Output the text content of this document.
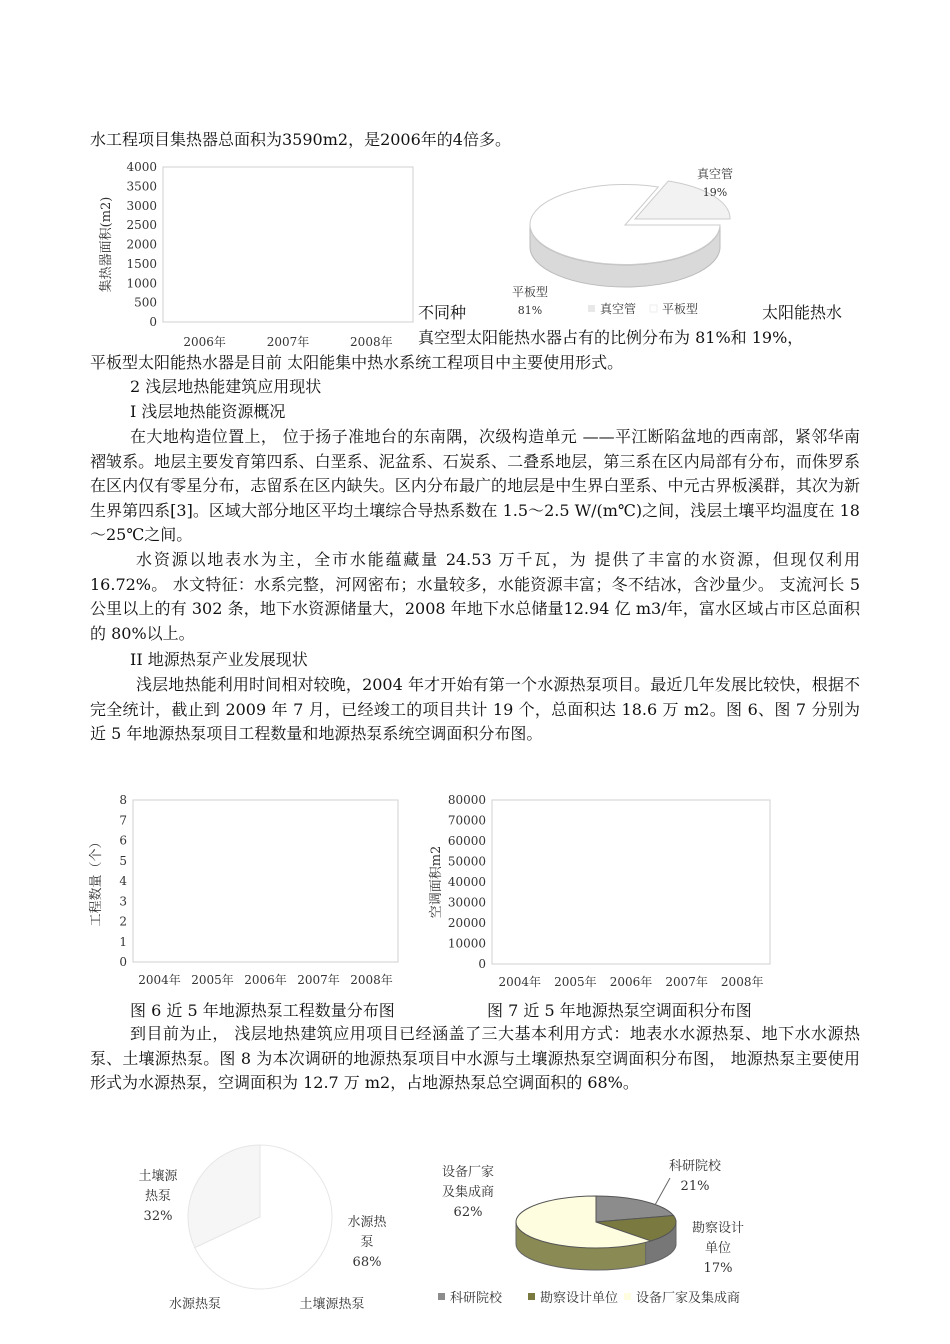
水工程项目集热器总面积为3590m2，是2006年的4倍多。
0
500
1000
1500
2000
2500
3000
3500
4000
2006年	2007年	2008年
集热器面积(m2)
真空管
19%
平板型
81%	真空管 平板型
不同种	太阳能热水
真空型太阳能热水器占有的比例分布为 81%和 19%，
平板型太阳能热水器是目前 太阳能集中热水系统工程项目中主要使用形式。
2 浅层地热能建筑应用现状
I 浅层地热能资源概况
在大地构造位置上， 位于扬子准地台的东南隅，次级构造单元 ——平江断陷盆地的西南部，紧邻华南褶皱系。地层主要发育第四系、白垩系、泥盆系、石炭系、二叠系地层，第三系在区内局部有分布，而侏罗系在区内仅有零星分布，志留系在区内缺失。区内分布最广的地层是中生界白垩系、中元古界板溪群，其次为新生界第四系[3]。区域大部分地区平均土壤综合导热系数在 1.5～2.5 W/(m℃)之间，浅层土壤平均温度在 18～25℃之间。
水资源以地表水为主，全市水能蕴藏量 24.53 万千瓦，为 提供了丰富的水资源，但现仅利用 16.72%。 水文特征：水系完整，河网密布；水量较多，水能资源丰富；冬不结冰，含沙量少。 支流河长 5 公里以上的有 302 条，地下水资源储量大，2008 年地下水总储量12.94 亿 m3/年，富水区域占市区总面积的 80%以上。
II 地源热泵产业发展现状
浅层地热能利用时间相对较晚，2004 年才开始有第一个水源热泵项目。最近几年发展比较快，根据不完全统计，截止到 2009 年 7 月，已经竣工的项目共计 19 个，总面积达 18.6 万 m2。图 6、图 7 分别为 近 5 年地源热泵项目工程数量和地源热泵系统空调面积分布图。
0
1
2
3
4
5
6
7
8
2004年 2005年 2006年 2007年 2008年
工程数量（个）
0
10000
20000
30000
40000
50000
60000
70000
80000
2004年 2005年 2006年 2007年 2008年
空调面积m2
图 6 近 5 年地源热泵工程数量分布图	图 7 近 5 年地源热泵空调面积分布图
到目前为止， 浅层地热建筑应用项目已经涵盖了三大基本利用方式：地表水水源热泵、地下水水源热泵、土壤源热泵。图 8 为本次调研的地源热泵项目中水源与土壤源热泵空调面积分布图， 地源热泵主要使用形式为水源热泵，空调面积为 12.7 万 m2，占地源热泵总空调面积的 68%。
土壤源
热泵
32%	水源热
泵
68%
水源热泵	土壤源热泵
科研院校
21%
勘察设计
单位
17%
设备厂家
及集成商
62%
科研院校	勘察设计单位 设备厂家及集成商
